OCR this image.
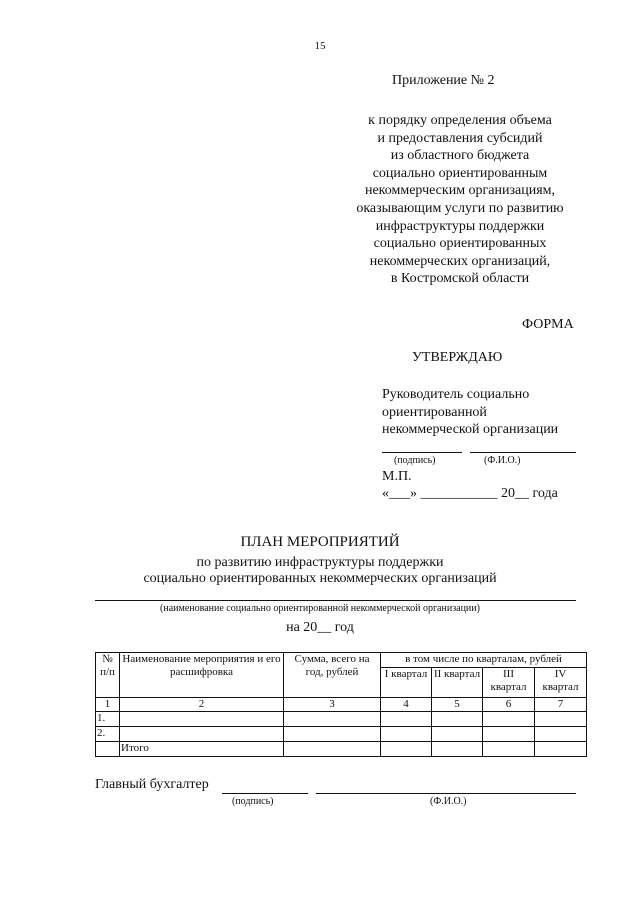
15
Приложение № 2
к порядку определения объема
и предоставления субсидий
из областного бюджета
социально ориентированным
некоммерческим организациям,
оказывающим услуги по развитию
инфраструктуры поддержки
социально ориентированных
некоммерческих организаций,
в Костромской области
ФОРМА
УТВЕРЖДАЮ
Руководитель социально
ориентированной
некоммерческой организации
(подпись)	(Ф.И.О.)
М.П.
«___» ___________ 20__ года
ПЛАН МЕРОПРИЯТИЙ
по развитию инфраструктуры поддержки
социально ориентированных некоммерческих организаций
(наименование социально ориентированной некоммерческой организации)
на 20__ год
№ п/п	Наименование мероприятия и его расшифровка	Сумма, всего на год, рублей	в том числе по кварталам, рублей			
			I квартал	II квартал	III квартал	IV квартал
1	2	3	4	5	6	7
1.						
2.						
	Итого					
Главный бухгалтер
(подпись)	(Ф.И.О.)
